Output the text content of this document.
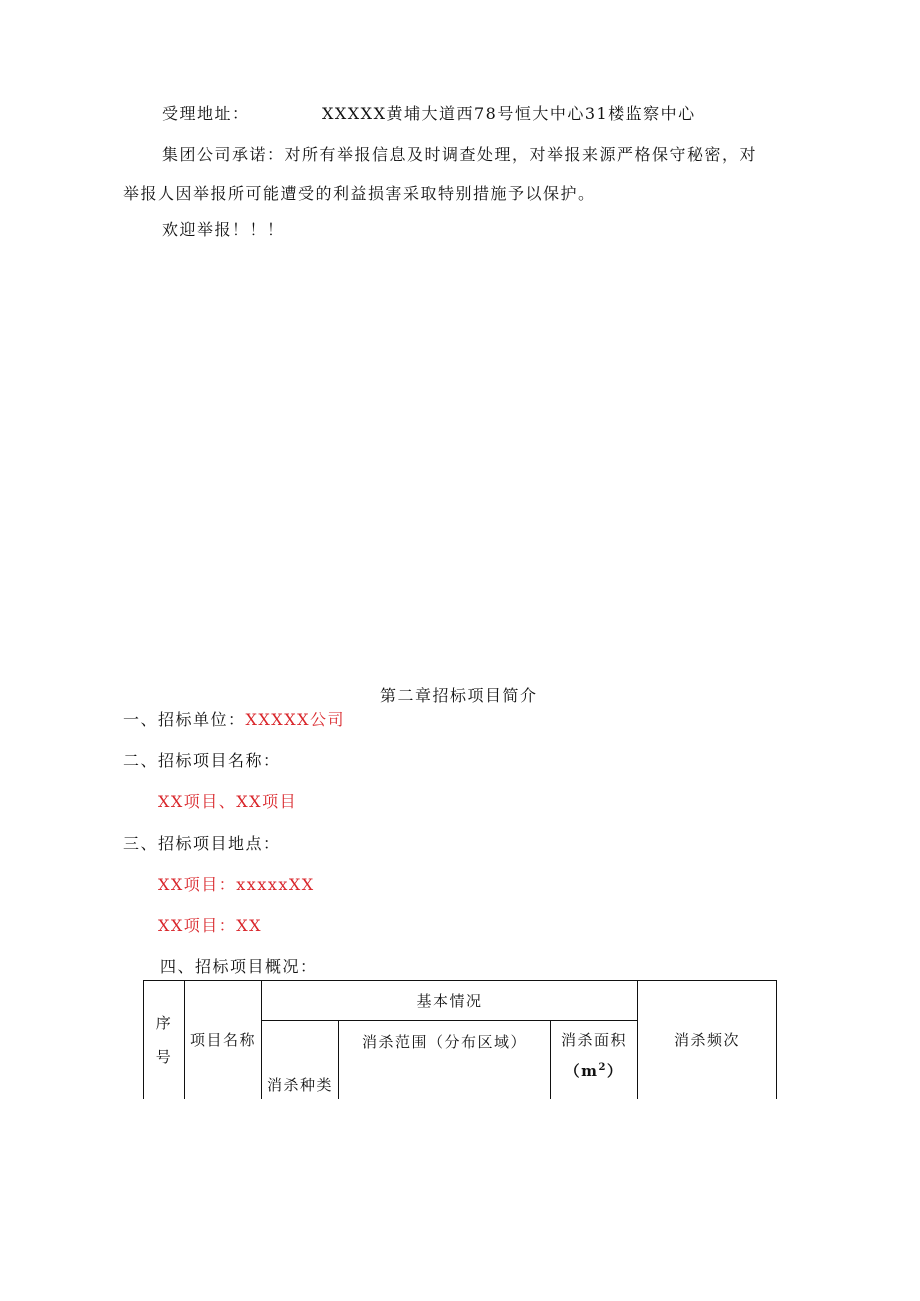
受理地址：	XXXXX黄埔大道西78号恒大中心31楼监察中心
集团公司承诺：对所有举报信息及时调查处理，对举报来源严格保守秘密，对
举报人因举报所可能遭受的利益损害采取特别措施予以保护。
欢迎举报！！！
第二章招标项目简介
一、招标单位：XXXXX公司
二、招标项目名称：
XX项目、XX项目
三、招标项目地点：
XX项目：xxxxxXX
XX项目：XX
四、招标项目概况：
序
号	项目名称	基本情况			消杀频次
		消杀种类	消杀范围（分布区域）	消杀面积
$(m^2)$	
